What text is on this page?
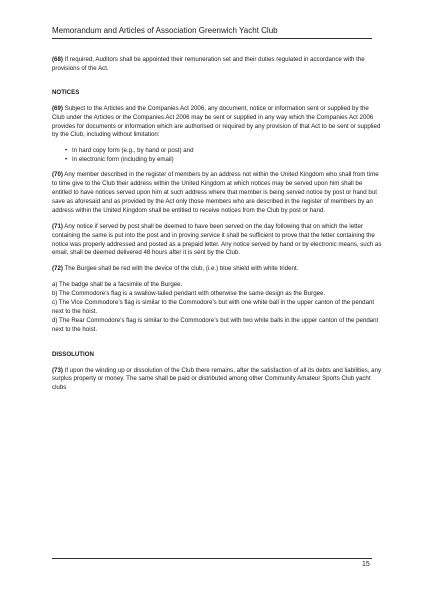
Memorandum and Articles of Association Greenwich Yacht Club

(68) If required, Auditors shall be appointed their remuneration set and their duties regulated in accordance with the provisions of the Act.

NOTICES

(69) Subject to the Articles and the Companies Act 2006, any document, notice or information sent or supplied by the Club under the Articles or the Companies Act 2006 may be sent or supplied in any way which the Companies Act 2006 provides for documents or information which are authorised or required by any provision of that Act to be sent or supplied by the Club, including without limitation:

• In hard copy form (e.g., by hand or post) and
• In electronic form (including by email)

(70) Any member described in the register of members by an address not within the United Kingdom who shall from time to time give to the Club their address within the United Kingdom at which notices may be served upon him shall be entitled to have notices served upon him at such address where that member is being served notice by post or hand but save as aforesaid and as provided by the Act only those members who are described in the register of members by an address within the United Kingdom shall be entitled to receive notices from the Club by post or hand.

(71) Any notice if served by post shall be deemed to have been served on the day following that on which the letter containing the same is put into the post and in proving service it shall be sufficient to prove that the letter containing the notice was properly addressed and posted as a prepaid letter. Any notice served by hand or by electronic means, such as email, shall be deemed delivered 48 hours after it is sent by the Club.

(72) The Burgee shall be red with the device of the club, (i.e.) blue shield with white trident.

a) The badge shall be a facsimile of the Burgee.

b) The Commodore’s flag is a swallow-tailed pendant with otherwise the same design as the Burgee.

c) The Vice Commodore’s flag is similar to the Commodore’s but with one white ball in the upper canton of the pendant next to the hoist.

d) The Rear Commodore’s flag is similar to the Commodore’s but with two white balls in the upper canton of the pendant next to the hoist.

DISSOLUTION

(73) If upon the winding up or dissolution of the Club there remains, after the satisfaction of all its debts and liabilities, any surplus property or money. The same shall be paid or distributed among other Community Amateur Sports Club yacht clubs

15
